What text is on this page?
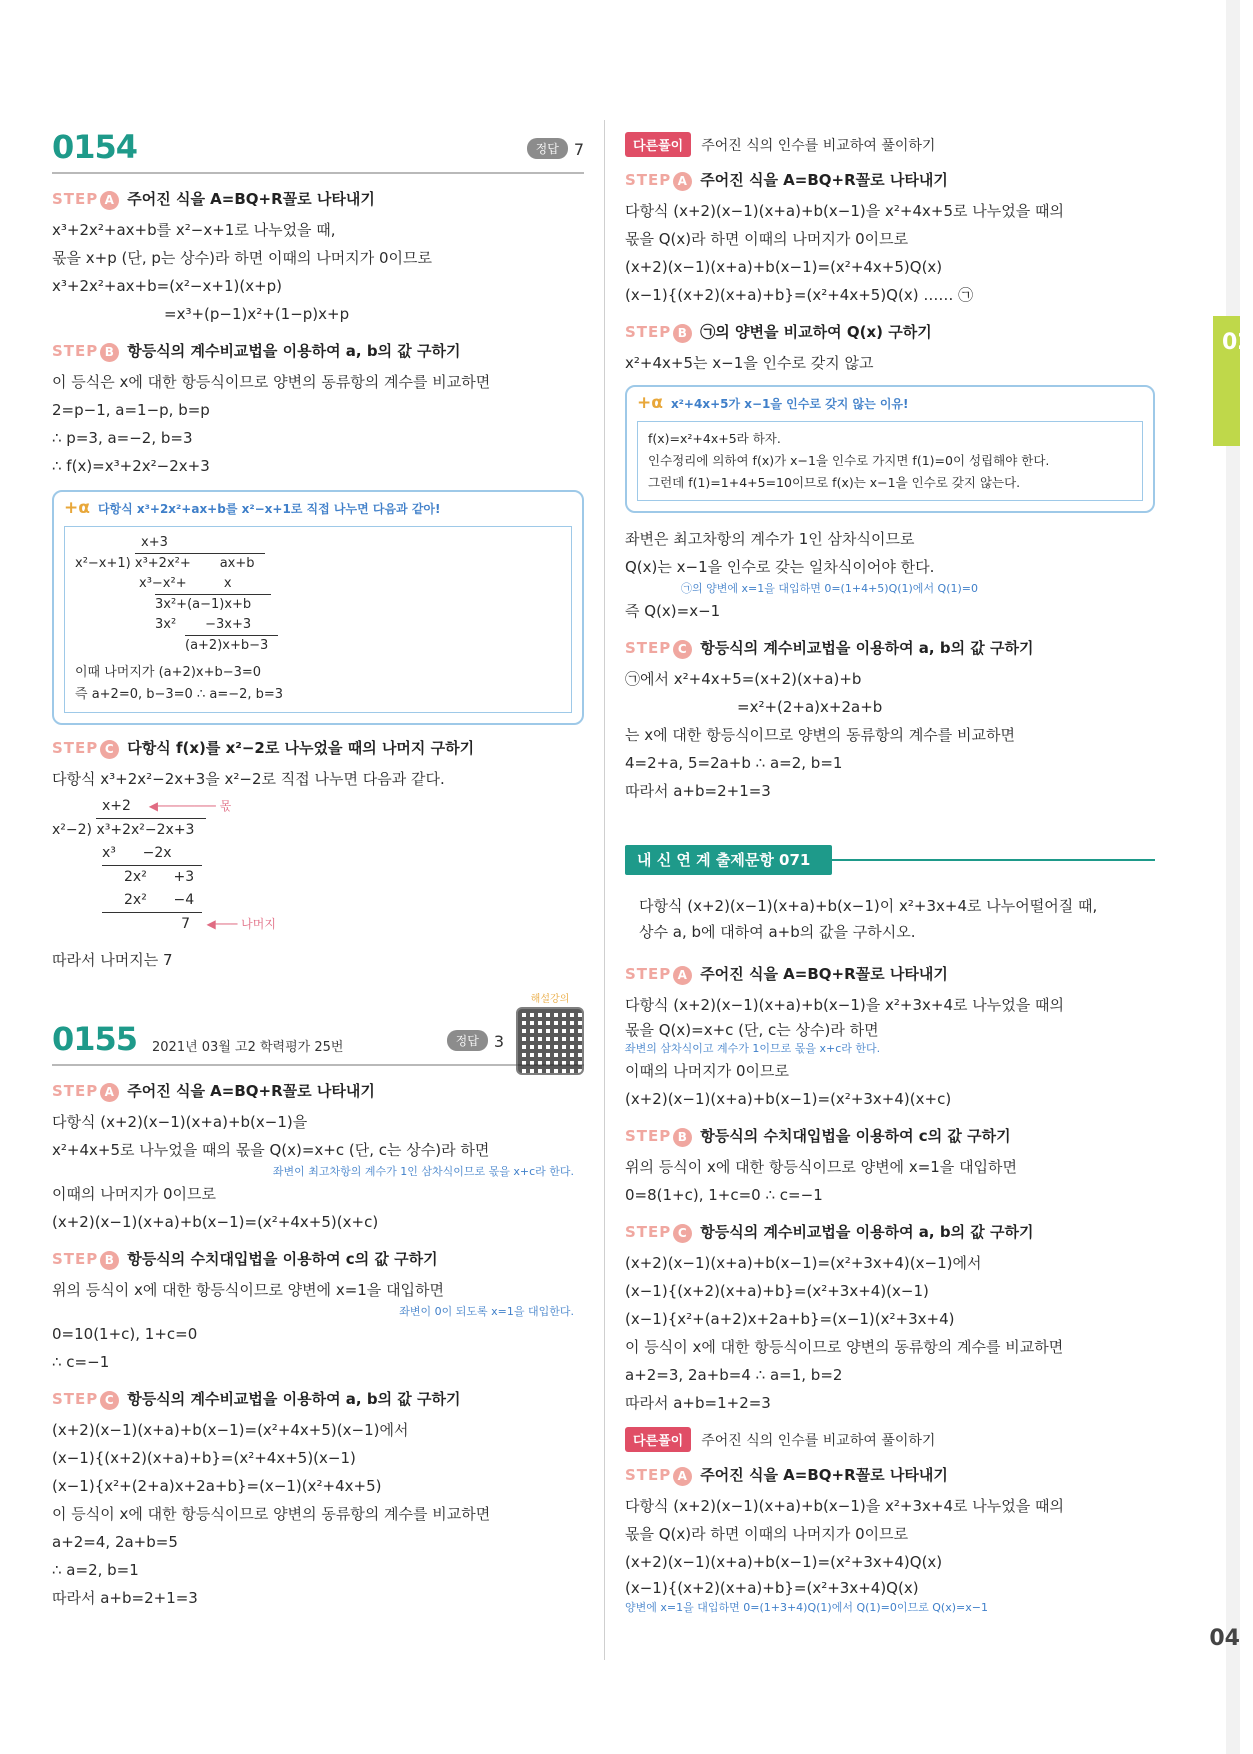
02
0154	정답 7
STEP A 주어진 식을 A=BQ+R꼴로 나타내기
x³+2x²+ax+b를 x²−x+1로 나누었을 때,
몫을 x+p (단, p는 상수)라 하면 이때의 나머지가 0이므로
x³+2x²+ax+b=(x²−x+1)(x+p)
=x³+(p−1)x²+(1−p)x+p
STEP B 항등식의 계수비교법을 이용하여 a, b의 값 구하기
이 등식은 x에 대한 항등식이므로 양변의 동류항의 계수를 비교하면
2=p−1, a=1−p, b=p
∴ p=3, a=−2, b=3
∴ f(x)=x³+2x²−2x+3
+α 다항식 x³+2x²+ax+b를 x²−x+1로 직접 나누면 다음과 같아!
x+3
x²−x+1) x³+2x²+ ax+b
x³−x²+	x
3x²+(a−1)x+b
3x² −3x+3
(a+2)x+b−3
이때 나머지가 (a+2)x+b−3=0
즉 a+2=0, b−3=0 ∴ a=−2, b=3
STEP C 다항식 f(x)를 x²−2로 나누었을 때의 나머지 구하기
다항식 x³+2x²−2x+3을 x²−2로 직접 나누면 다음과 같다.
x+2 ◀──────── 몫
x²−2) x³+2x²−2x+3
x³ −2x
2x² +3
2x² −4
7 ◀─── 나머지
따라서 나머지는 7
0155 2021년 03월 고2 학력평가 25번	정답 3
해설강의
STEP A 주어진 식을 A=BQ+R꼴로 나타내기
다항식 (x+2)(x−1)(x+a)+b(x−1)을
x²+4x+5로 나누었을 때의 몫을 Q(x)=x+c (단, c는 상수)라 하면
좌변이 최고차항의 계수가 1인 삼차식이므로 몫을 x+c라 한다.
이때의 나머지가 0이므로
(x+2)(x−1)(x+a)+b(x−1)=(x²+4x+5)(x+c)
STEP B 항등식의 수치대입법을 이용하여 c의 값 구하기
위의 등식이 x에 대한 항등식이므로 양변에 x=1을 대입하면
좌변이 0이 되도록 x=1을 대입한다.
0=10(1+c), 1+c=0
∴ c=−1
STEP C 항등식의 계수비교법을 이용하여 a, b의 값 구하기
(x+2)(x−1)(x+a)+b(x−1)=(x²+4x+5)(x−1)에서
(x−1){(x+2)(x+a)+b}=(x²+4x+5)(x−1)
(x−1){x²+(2+a)x+2a+b}=(x−1)(x²+4x+5)
이 등식이 x에 대한 항등식이므로 양변의 동류항의 계수를 비교하면
a+2=4, 2a+b=5
∴ a=2, b=1
따라서 a+b=2+1=3
다른풀이 주어진 식의 인수를 비교하여 풀이하기
STEP A 주어진 식을 A=BQ+R꼴로 나타내기
다항식 (x+2)(x−1)(x+a)+b(x−1)을 x²+4x+5로 나누었을 때의
몫을 Q(x)라 하면 이때의 나머지가 0이므로
(x+2)(x−1)(x+a)+b(x−1)=(x²+4x+5)Q(x)
(x−1){(x+2)(x+a)+b}=(x²+4x+5)Q(x) …… ㉠
STEP B ㉠의 양변을 비교하여 Q(x) 구하기
x²+4x+5는 x−1을 인수로 갖지 않고
+α x²+4x+5가 x−1을 인수로 갖지 않는 이유!
f(x)=x²+4x+5라 하자.
인수정리에 의하여 f(x)가 x−1을 인수로 가지면 f(1)=0이 성립해야 한다.
그런데 f(1)=1+4+5=10이므로 f(x)는 x−1을 인수로 갖지 않는다.
좌변은 최고차항의 계수가 1인 삼차식이므로
Q(x)는 x−1을 인수로 갖는 일차식이어야 한다.
㉠의 양변에 x=1을 대입하면 0=(1+4+5)Q(1)에서 Q(1)=0
즉 Q(x)=x−1
STEP C 항등식의 계수비교법을 이용하여 a, b의 값 구하기
㉠에서 x²+4x+5=(x+2)(x+a)+b
=x²+(2+a)x+2a+b
는 x에 대한 항등식이므로 양변의 동류항의 계수를 비교하면
4=2+a, 5=2a+b ∴ a=2, b=1
따라서 a+b=2+1=3
내 신 연 계 출제문항 071
다항식 (x+2)(x−1)(x+a)+b(x−1)이 x²+3x+4로 나누어떨어질 때,
상수 a, b에 대하여 a+b의 값을 구하시오.
STEP A 주어진 식을 A=BQ+R꼴로 나타내기
다항식 (x+2)(x−1)(x+a)+b(x−1)을 x²+3x+4로 나누었을 때의
몫을 Q(x)=x+c (단, c는 상수)라 하면
좌변의 삼차식이고 계수가 1이므로 몫을 x+c라 한다.
이때의 나머지가 0이므로
(x+2)(x−1)(x+a)+b(x−1)=(x²+3x+4)(x+c)
STEP B 항등식의 수치대입법을 이용하여 c의 값 구하기
위의 등식이 x에 대한 항등식이므로 양변에 x=1을 대입하면
0=8(1+c), 1+c=0 ∴ c=−1
STEP C 항등식의 계수비교법을 이용하여 a, b의 값 구하기
(x+2)(x−1)(x+a)+b(x−1)=(x²+3x+4)(x−1)에서
(x−1){(x+2)(x+a)+b}=(x²+3x+4)(x−1)
(x−1){x²+(a+2)x+2a+b}=(x−1)(x²+3x+4)
이 등식이 x에 대한 항등식이므로 양변의 동류항의 계수를 비교하면
a+2=3, 2a+b=4 ∴ a=1, b=2
따라서 a+b=1+2=3
다른풀이 주어진 식의 인수를 비교하여 풀이하기
STEP A 주어진 식을 A=BQ+R꼴로 나타내기
다항식 (x+2)(x−1)(x+a)+b(x−1)을 x²+3x+4로 나누었을 때의
몫을 Q(x)라 하면 이때의 나머지가 0이므로
(x+2)(x−1)(x+a)+b(x−1)=(x²+3x+4)Q(x)
(x−1){(x+2)(x+a)+b}=(x²+3x+4)Q(x)
양변에 x=1을 대입하면 0=(1+3+4)Q(1)에서 Q(1)=0이므로 Q(x)=x−1
04
